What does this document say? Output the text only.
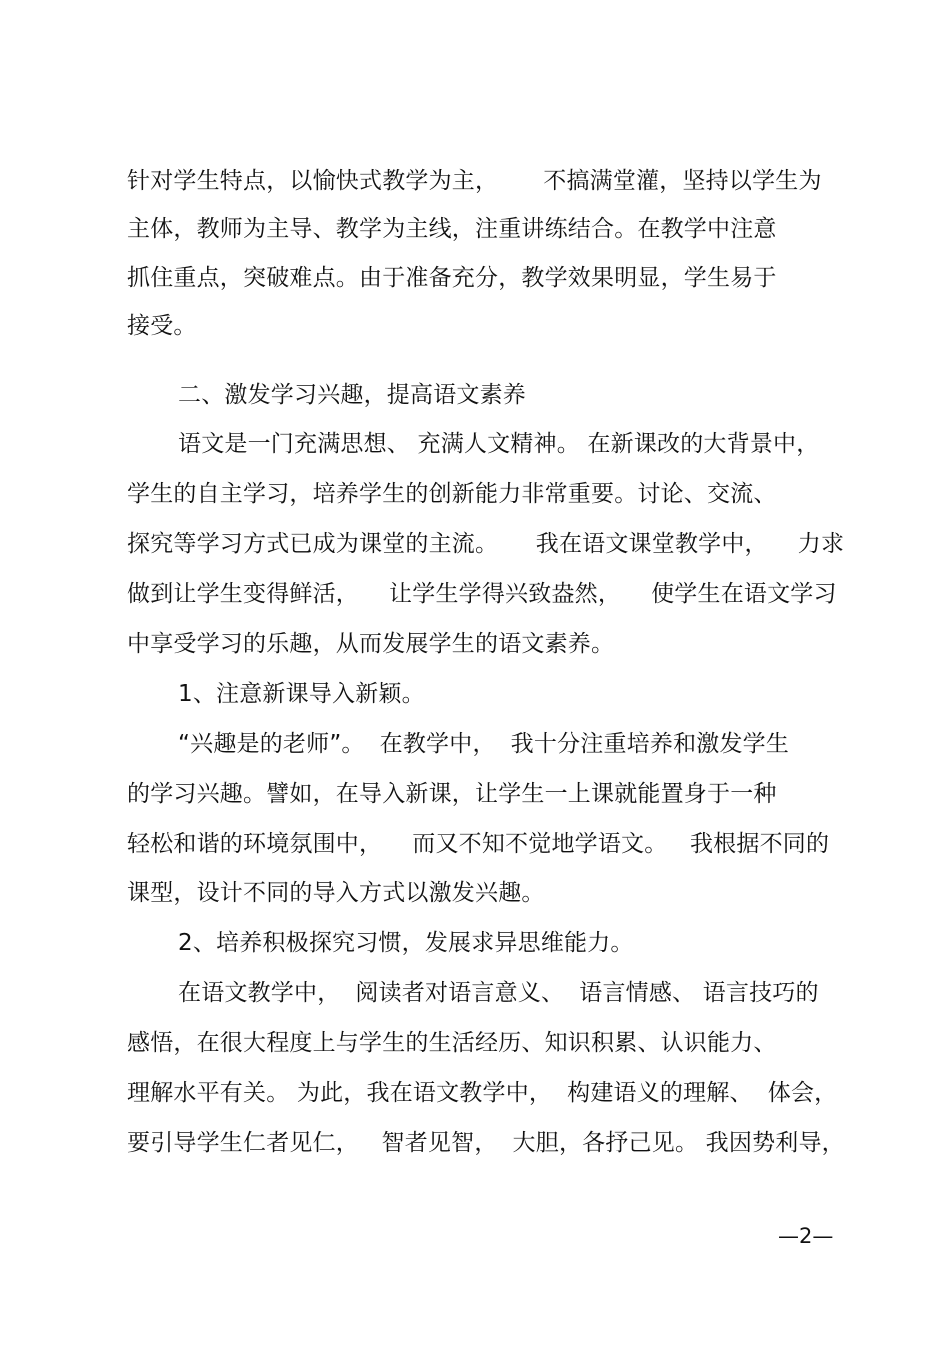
针对学生特点，以愉快式教学为主，      不搞满堂灌，坚持以学生为
主体，教师为主导、教学为主线，注重讲练结合。在教学中注意
抓住重点，突破难点。由于准备充分，教学效果明显，学生易于
接受。
二、激发学习兴趣，提高语文素养
语文是一门充满思想、 充满人文精神。 在新课改的大背景中，
学生的自主学习，培养学生的创新能力非常重要。讨论、交流、
探究等学习方式已成为课堂的主流。     我在语文课堂教学中，    力求
做到让学生变得鲜活，    让学生学得兴致盎然，    使学生在语文学习
中享受学习的乐趣，从而发展学生的语文素养。
1、注意新课导入新颖。
“兴趣是的老师”。  在教学中，  我十分注重培养和激发学生
的学习兴趣。譬如，在导入新课，让学生一上课就能置身于一种
轻松和谐的环境氛围中，    而又不知不觉地学语文。   我根据不同的
课型，设计不同的导入方式以激发兴趣。
2、培养积极探究习惯，发展求异思维能力。
在语文教学中，  阅读者对语言意义、  语言情感、 语言技巧的
感悟，在很大程度上与学生的生活经历、知识积累、认识能力、
理解水平有关。 为此，我在语文教学中，  构建语义的理解、  体会，
要引导学生仁者见仁，   智者见智，  大胆，各抒己见。 我因势利导，
—2—
